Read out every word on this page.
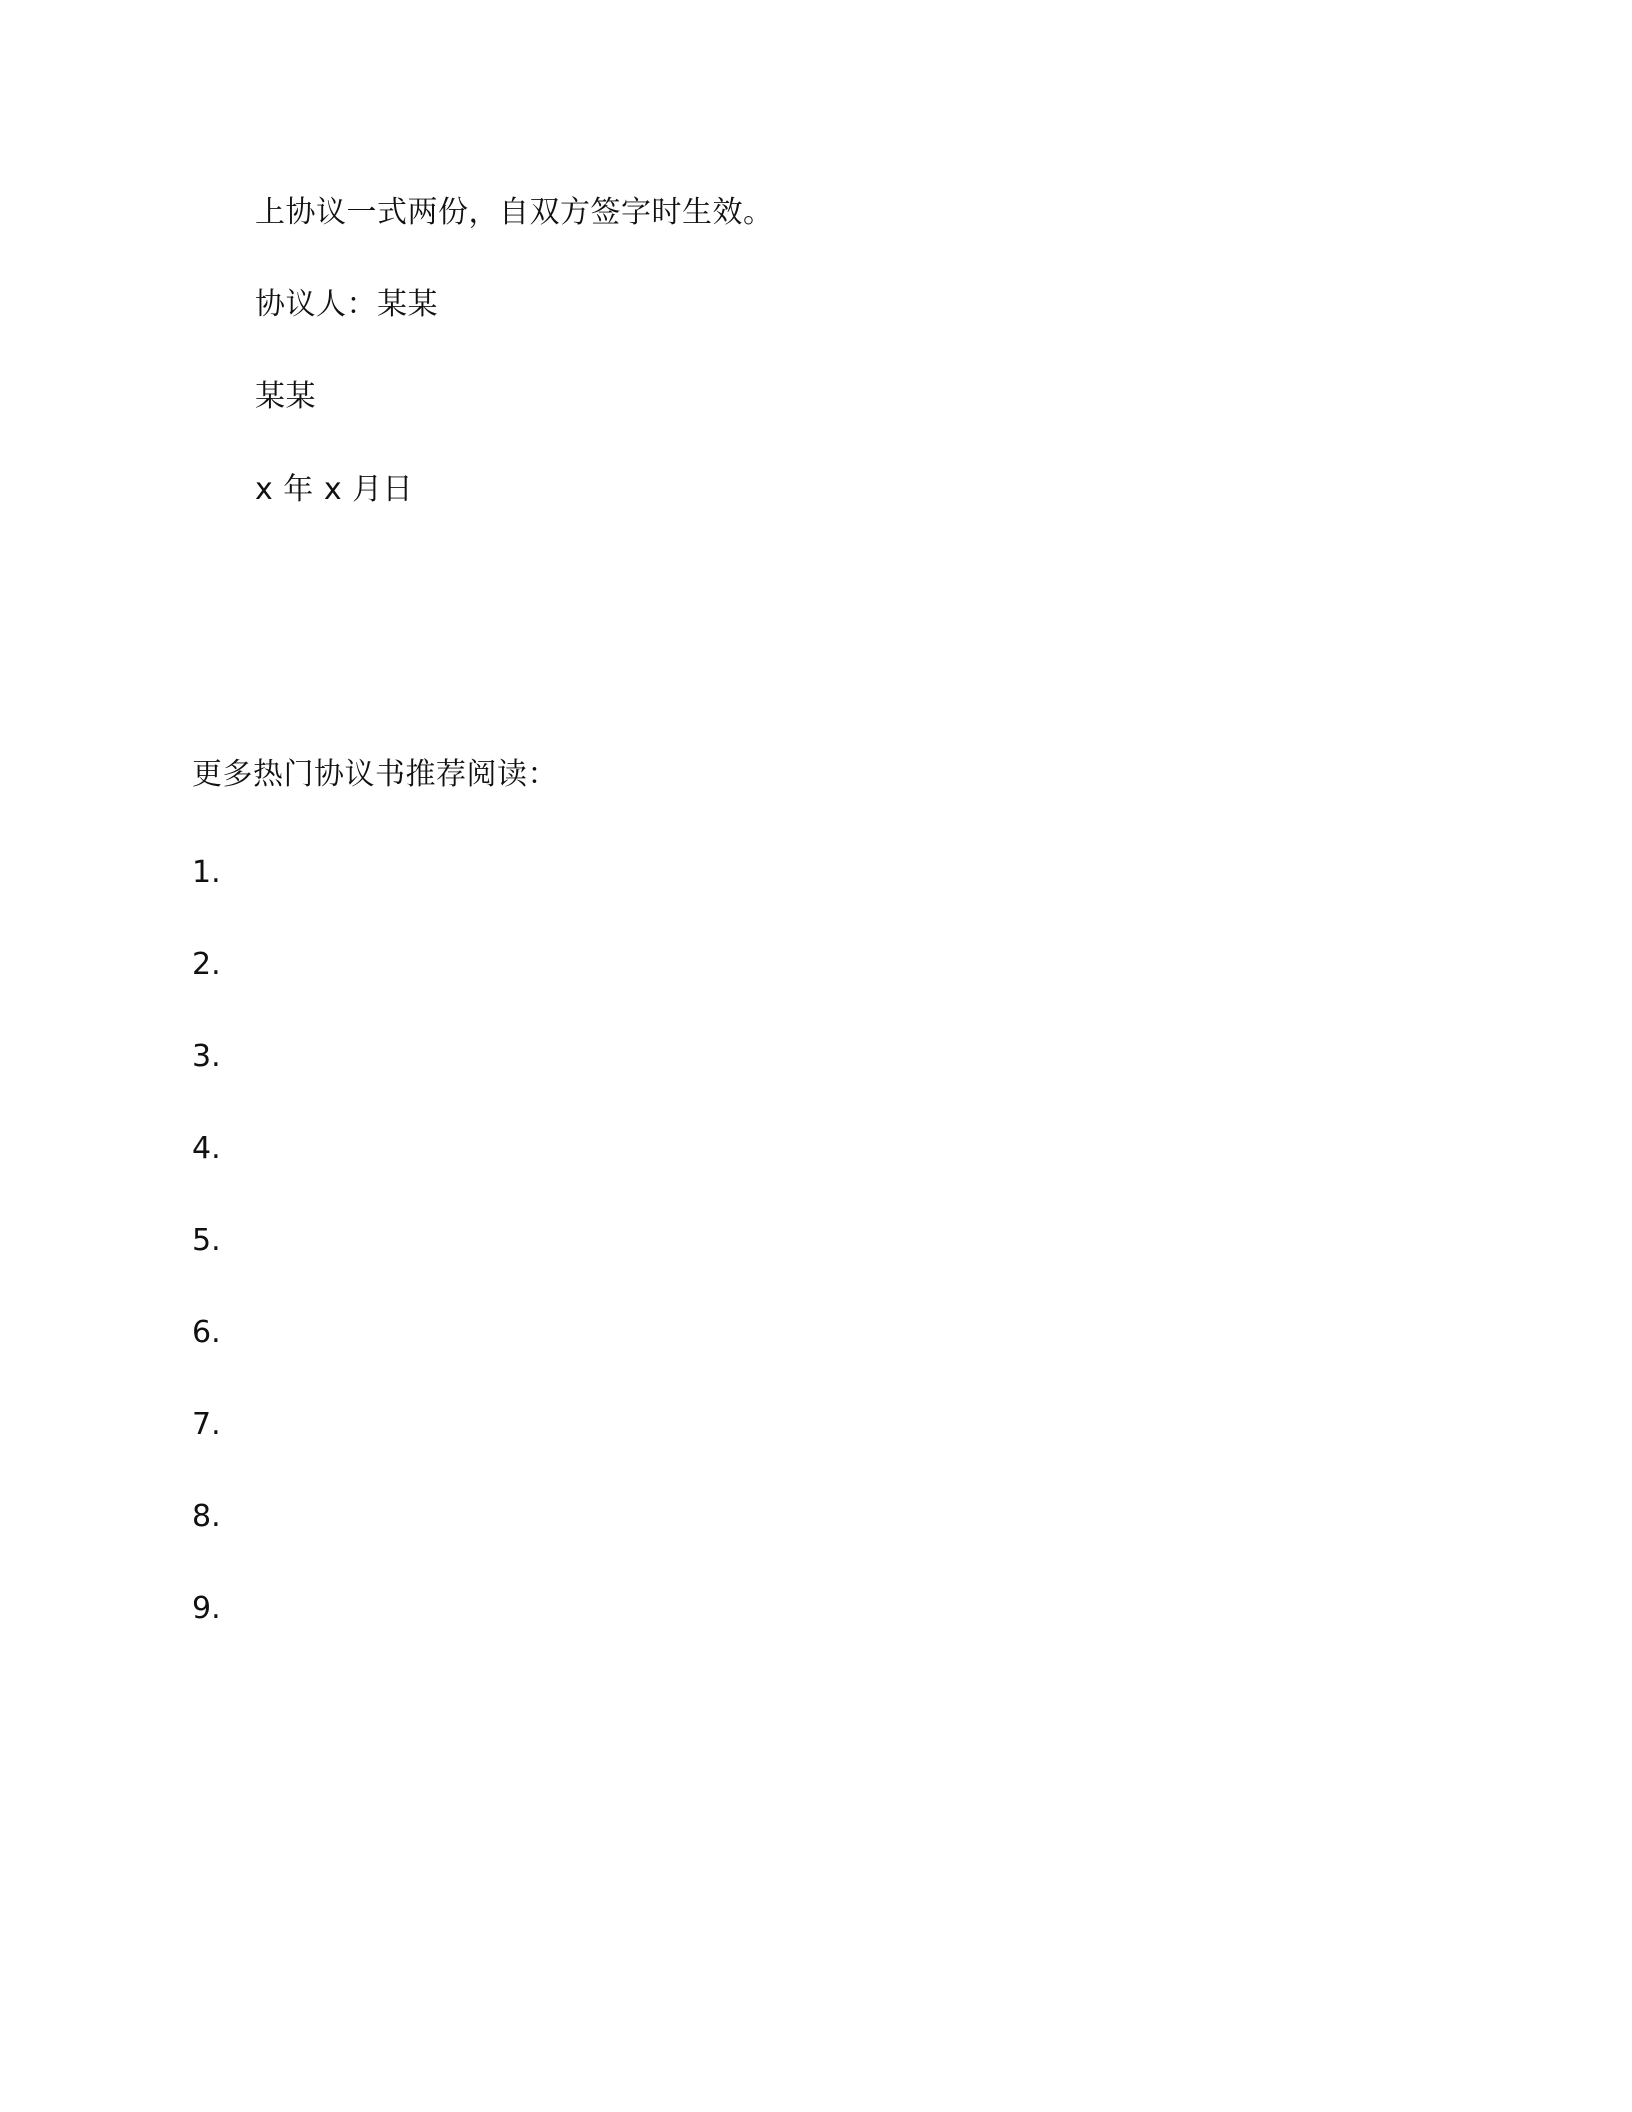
上协议一式两份，自双方签字时生效。
协议人：某某
某某
x 年 x 月日
更多热门协议书推荐阅读：
1.
2.
3.
4.
5.
6.
7.
8.
9.
